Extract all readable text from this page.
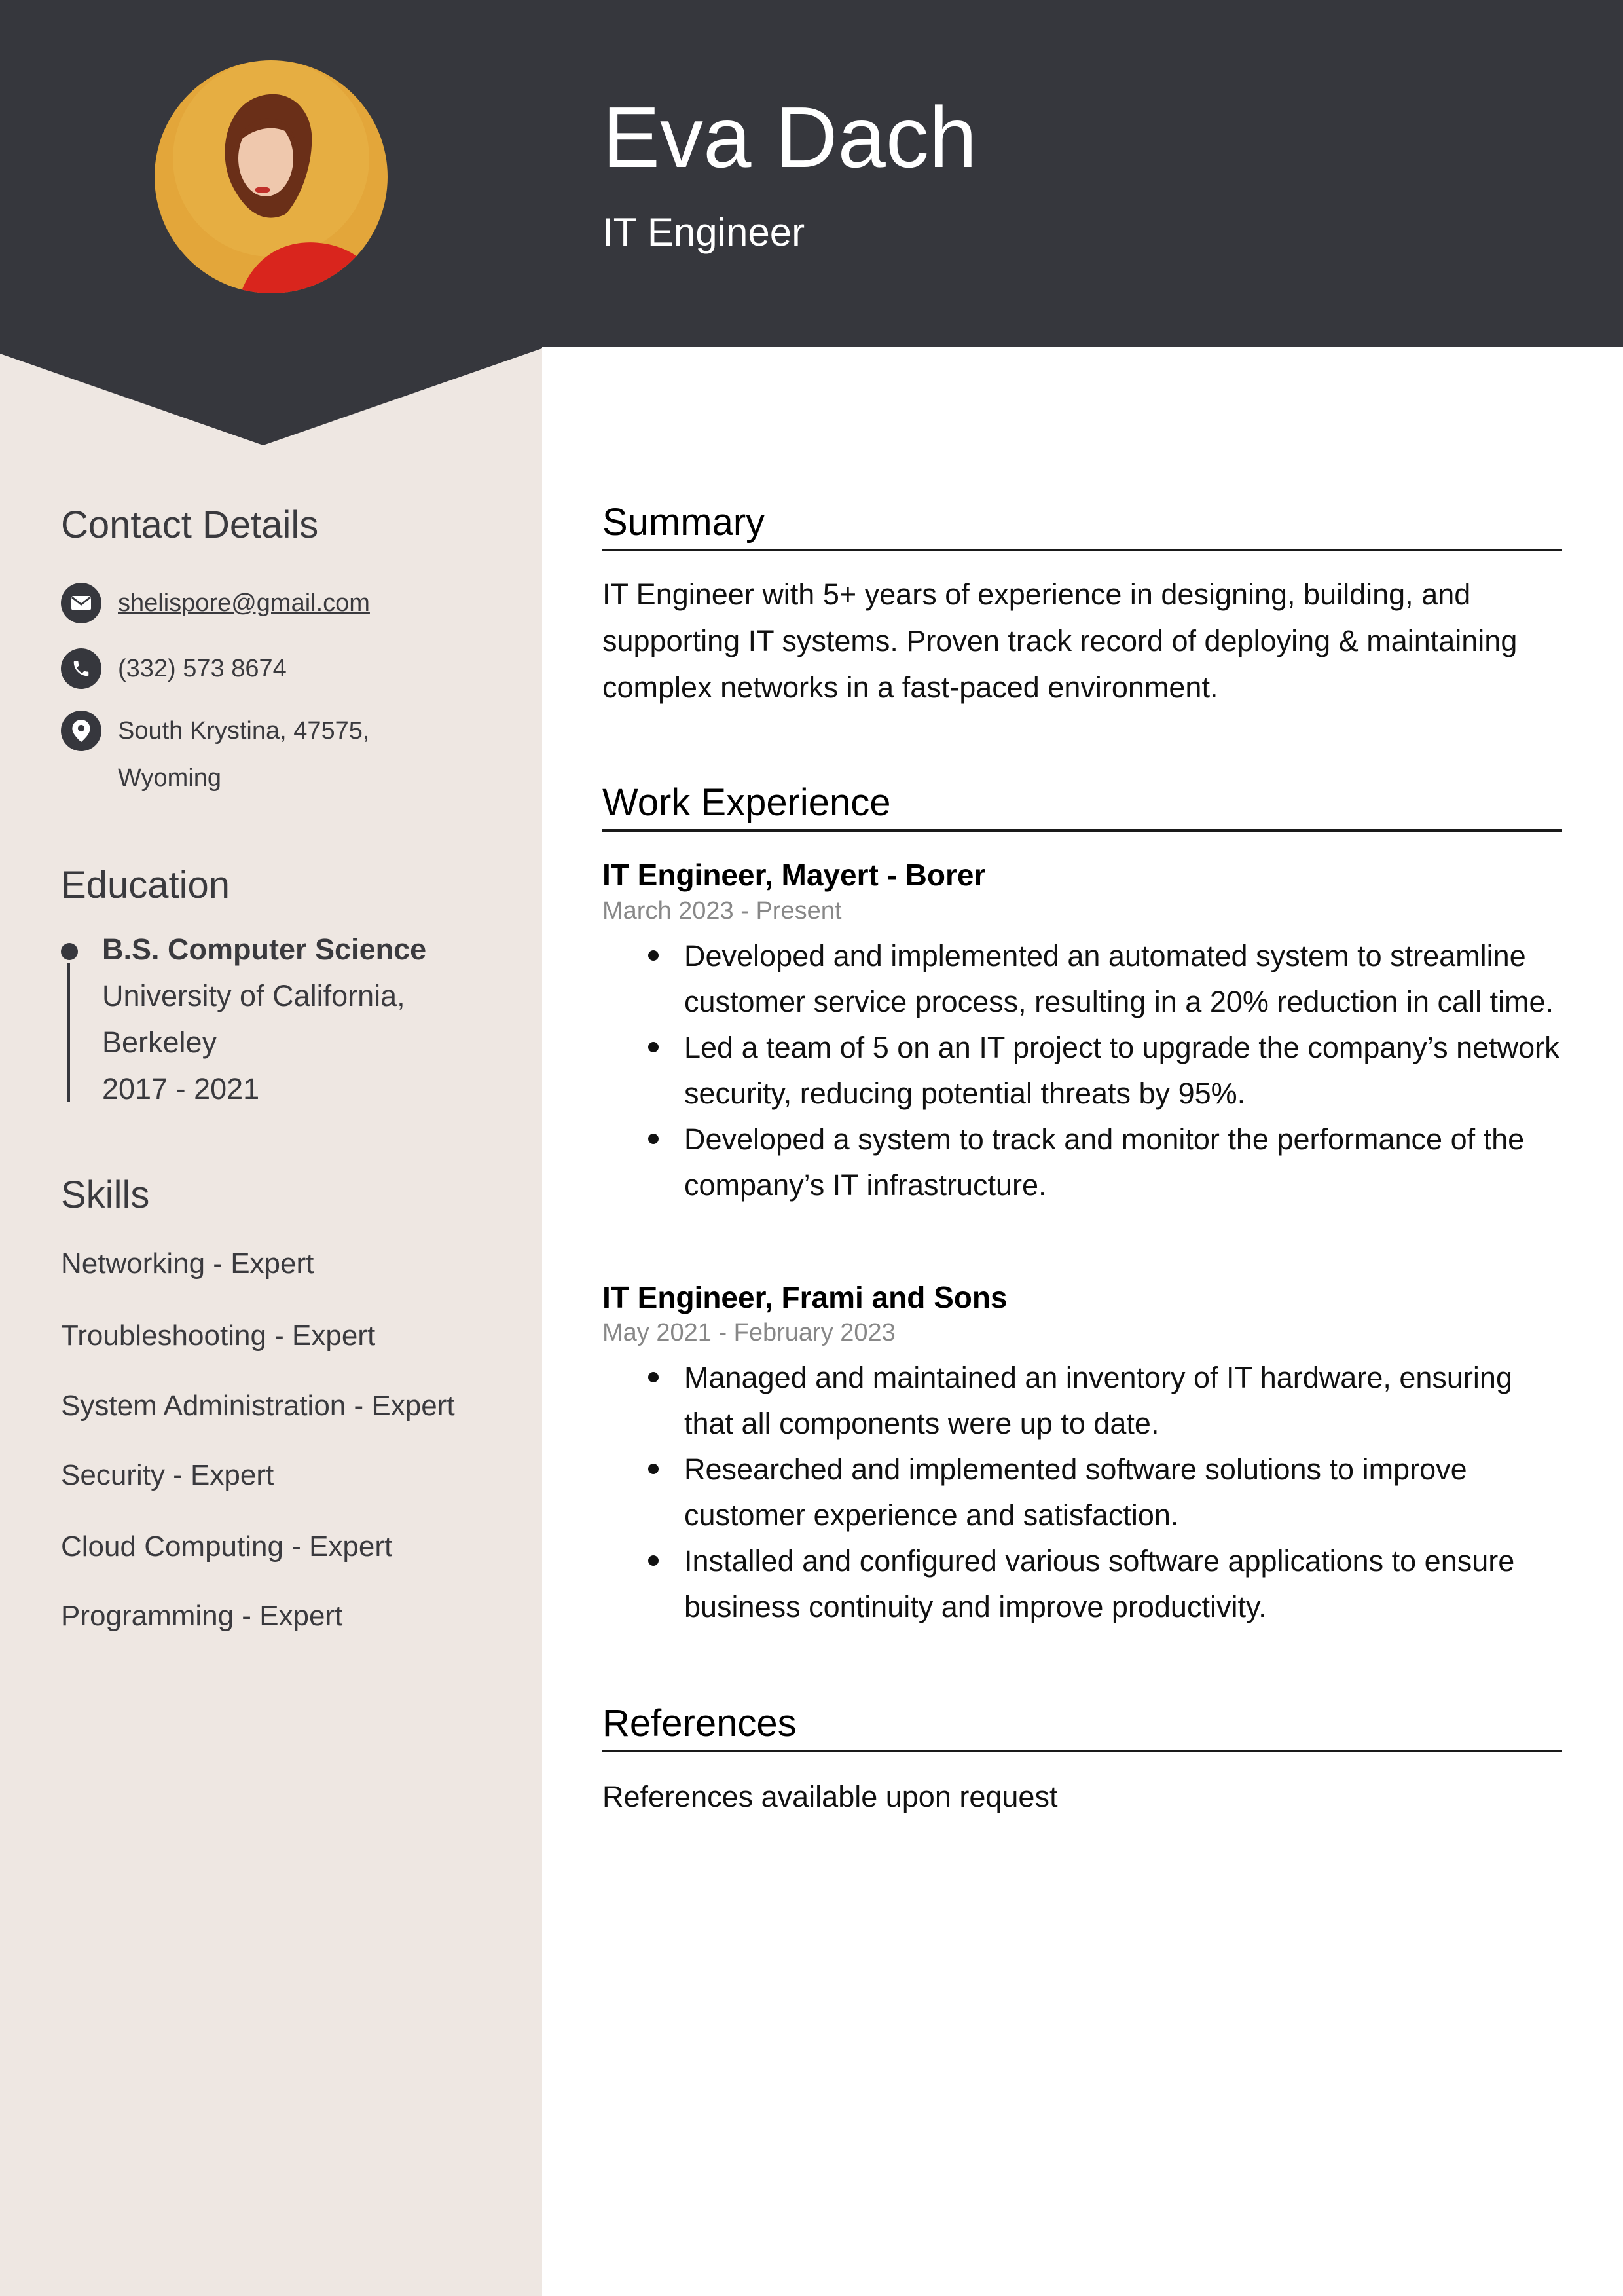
Eva Dach
IT Engineer
Contact Details
shelispore@gmail.com
(332) 573 8674
South Krystina, 47575,
Wyoming
Education
B.S. Computer Science
University of California,
Berkeley
2017 - 2021
Skills
Networking - Expert
Troubleshooting - Expert
System Administration - Expert
Security - Expert
Cloud Computing - Expert
Programming - Expert
Summary
IT Engineer with 5+ years of experience in designing, building, and supporting IT systems. Proven track record of deploying & maintaining complex networks in a fast-paced environment.
Work Experience
IT Engineer, Mayert - Borer
March 2023 - Present
Developed and implemented an automated system to streamline customer service process, resulting in a 20% reduction in call time.
Led a team of 5 on an IT project to upgrade the company’s network security, reducing potential threats by 95%.
Developed a system to track and monitor the performance of the company’s IT infrastructure.
IT Engineer, Frami and Sons
May 2021 - February 2023
Managed and maintained an inventory of IT hardware, ensuring that all components were up to date.
Researched and implemented software solutions to improve customer experience and satisfaction.
Installed and configured various software applications to ensure business continuity and improve productivity.
References
References available upon request
